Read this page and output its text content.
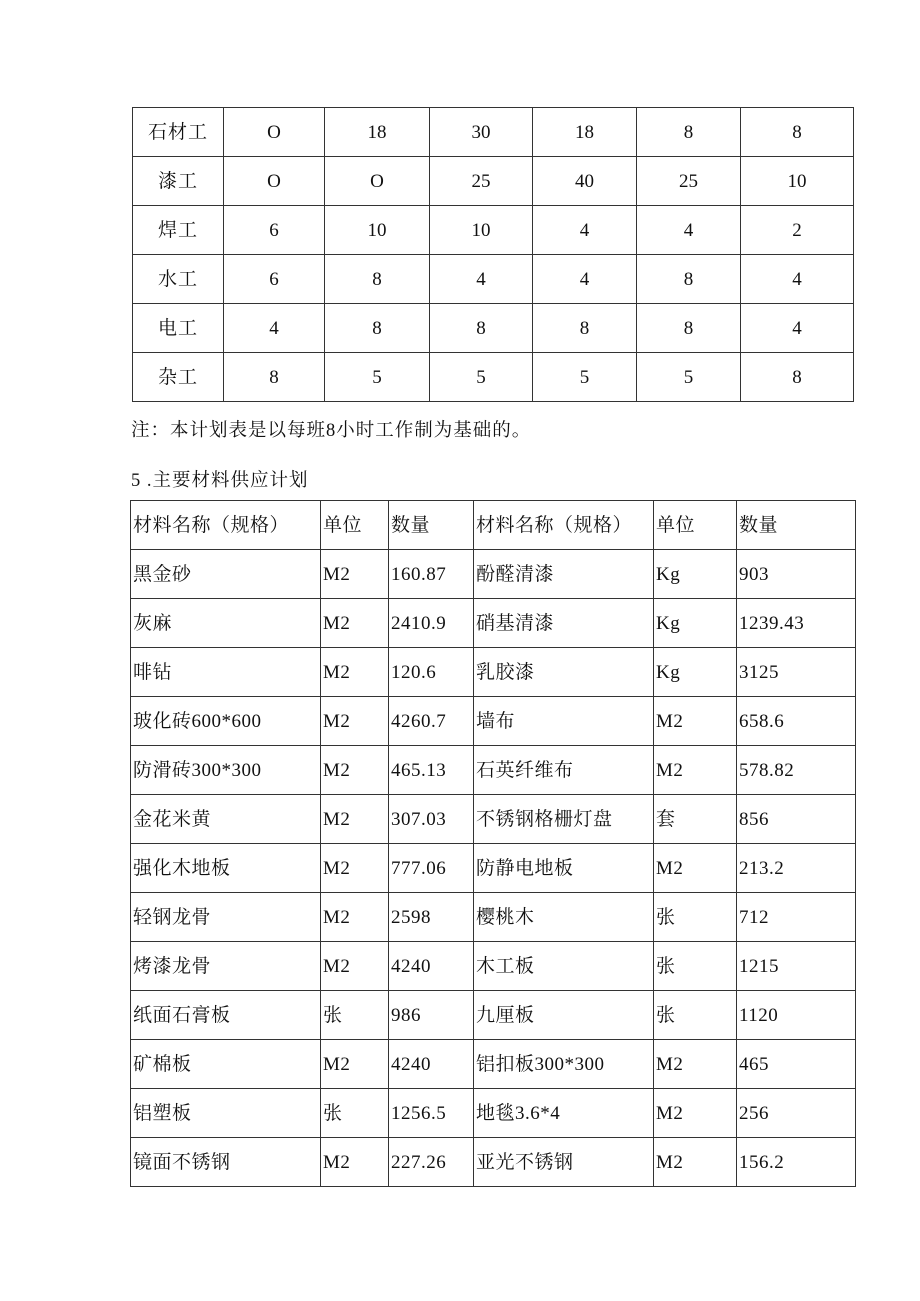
石材工	O	18	30	18	8	8
漆工	O	O	25	40	25	10
焊工	6	10	10	4	4	2
水工	6	8	4	4	8	4
电工	4	8	8	8	8	4
杂工	8	5	5	5	5	8
注：本计划表是以每班8小时工作制为基础的。
5 .主要材料供应计划
材料名称（规格）	单位	数量	材料名称（规格）	单位	数量
黑金砂	M2	160.87	酚醛清漆	Kg	903
灰麻	M2	2410.9	硝基清漆	Kg	1239.43
啡钻	M2	120.6	乳胶漆	Kg	3125
玻化砖600*600	M2	4260.7	墙布	M2	658.6
防滑砖300*300	M2	465.13	石英纤维布	M2	578.82
金花米黄	M2	307.03	不锈钢格栅灯盘	套	856
强化木地板	M2	777.06	防静电地板	M2	213.2
轻钢龙骨	M2	2598	樱桃木	张	712
烤漆龙骨	M2	4240	木工板	张	1215
纸面石膏板	张	986	九厘板	张	1120
矿棉板	M2	4240	铝扣板300*300	M2	465
铝塑板	张	1256.5	地毯3.6*4	M2	256
镜面不锈钢	M2	227.26	亚光不锈钢	M2	156.2
